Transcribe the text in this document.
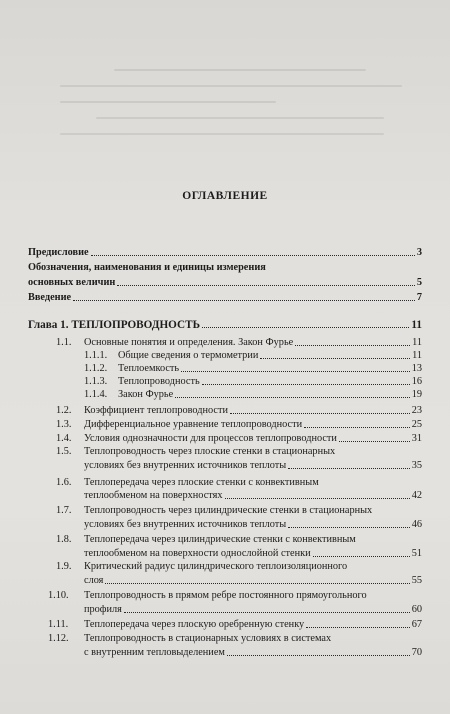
ОГЛАВЛЕНИЕ
Предисловие	3
Обозначения, наименования и единицы измерения
основных величин	5
Введение	7
Глава 1. ТЕПЛОПРОВОДНОСТЬ	11
1.1.	Основные понятия и определения. Закон Фурье	11
1.1.1.	Общие сведения о термометрии	11
1.1.2.	Теплоемкость	13
1.1.3.	Теплопроводность	16
1.1.4.	Закон Фурье	19
1.2.	Коэффициент теплопроводности	23
1.3.	Дифференциальное уравнение теплопроводности	25
1.4.	Условия однозначности для процессов теплопроводности	31
1.5.	Теплопроводность через плоские стенки в стационарных
условиях без внутренних источников теплоты	35
1.6.	Теплопередача через плоские стенки с конвективным
теплообменом на поверхностях	42
1.7.	Теплопроводность через цилиндрические стенки в стационарных
условиях без внутренних источников теплоты	46
1.8.	Теплопередача через цилиндрические стенки с конвективным
теплообменом на поверхности однослойной стенки	51
1.9.	Критический радиус цилиндрического теплоизоляционного
слоя	55
1.10.	Теплопроводность в прямом ребре постоянного прямоугольного
профиля	60
1.11.	Теплопередача через плоскую оребренную стенку	67
1.12.	Теплопроводность в стационарных условиях в системах
с внутренним тепловыделением	70
